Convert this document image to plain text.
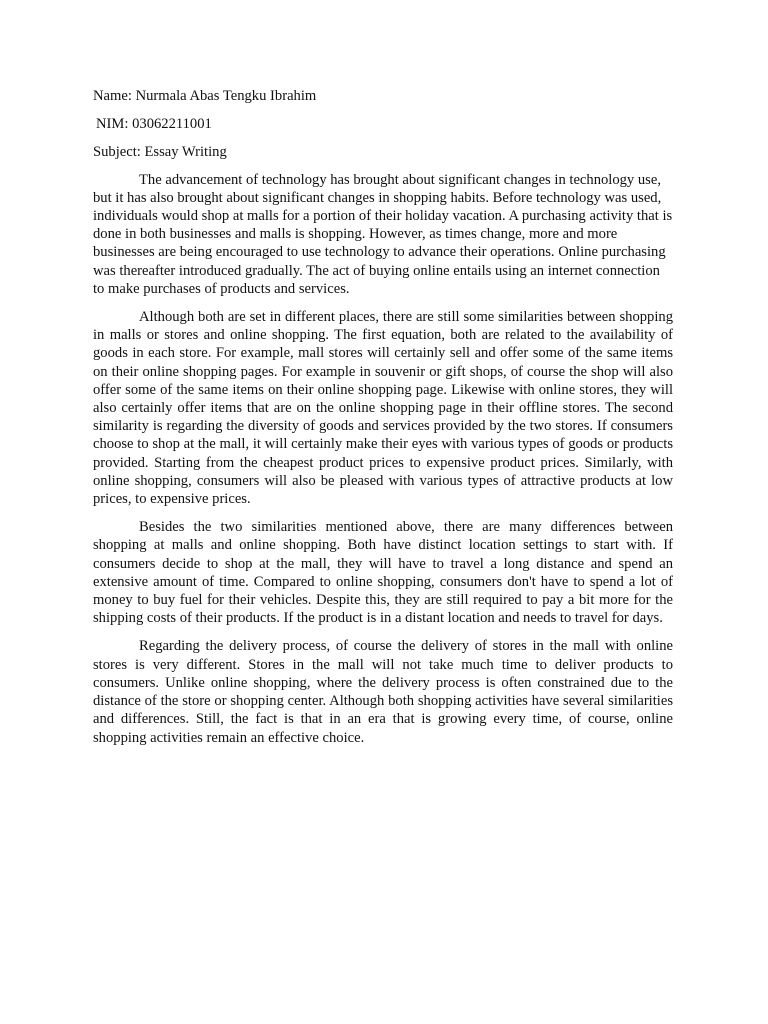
Name: Nurmala Abas Tengku Ibrahim
NIM: 03062211001
Subject: Essay Writing

The advancement of technology has brought about significant changes in technology use, but it has also brought about significant changes in shopping habits. Before technology was used, individuals would shop at malls for a portion of their holiday vacation. A purchasing activity that is done in both businesses and malls is shopping. However, as times change, more and more businesses are being encouraged to use technology to advance their operations. Online purchasing was thereafter introduced gradually. The act of buying online entails using an internet connection to make purchases of products and services.

Although both are set in different places, there are still some similarities between shopping in malls or stores and online shopping. The first equation, both are related to the availability of goods in each store. For example, mall stores will certainly sell and offer some of the same items on their online shopping pages. For example in souvenir or gift shops, of course the shop will also offer some of the same items on their online shopping page. Likewise with online stores, they will also certainly offer items that are on the online shopping page in their offline stores. The second similarity is regarding the diversity of goods and services provided by the two stores. If consumers choose to shop at the mall, it will certainly make their eyes with various types of goods or products provided. Starting from the cheapest product prices to expensive product prices. Similarly, with online shopping, consumers will also be pleased with various types of attractive products at low prices, to expensive prices.

Besides the two similarities mentioned above, there are many differences between shopping at malls and online shopping. Both have distinct location settings to start with. If consumers decide to shop at the mall, they will have to travel a long distance and spend an extensive amount of time. Compared to online shopping, consumers don't have to spend a lot of money to buy fuel for their vehicles. Despite this, they are still required to pay a bit more for the shipping costs of their products. If the product is in a distant location and needs to travel for days.

Regarding the delivery process, of course the delivery of stores in the mall with online stores is very different. Stores in the mall will not take much time to deliver products to consumers. Unlike online shopping, where the delivery process is often constrained due to the distance of the store or shopping center. Although both shopping activities have several similarities and differences. Still, the fact is that in an era that is growing every time, of course, online shopping activities remain an effective choice.
